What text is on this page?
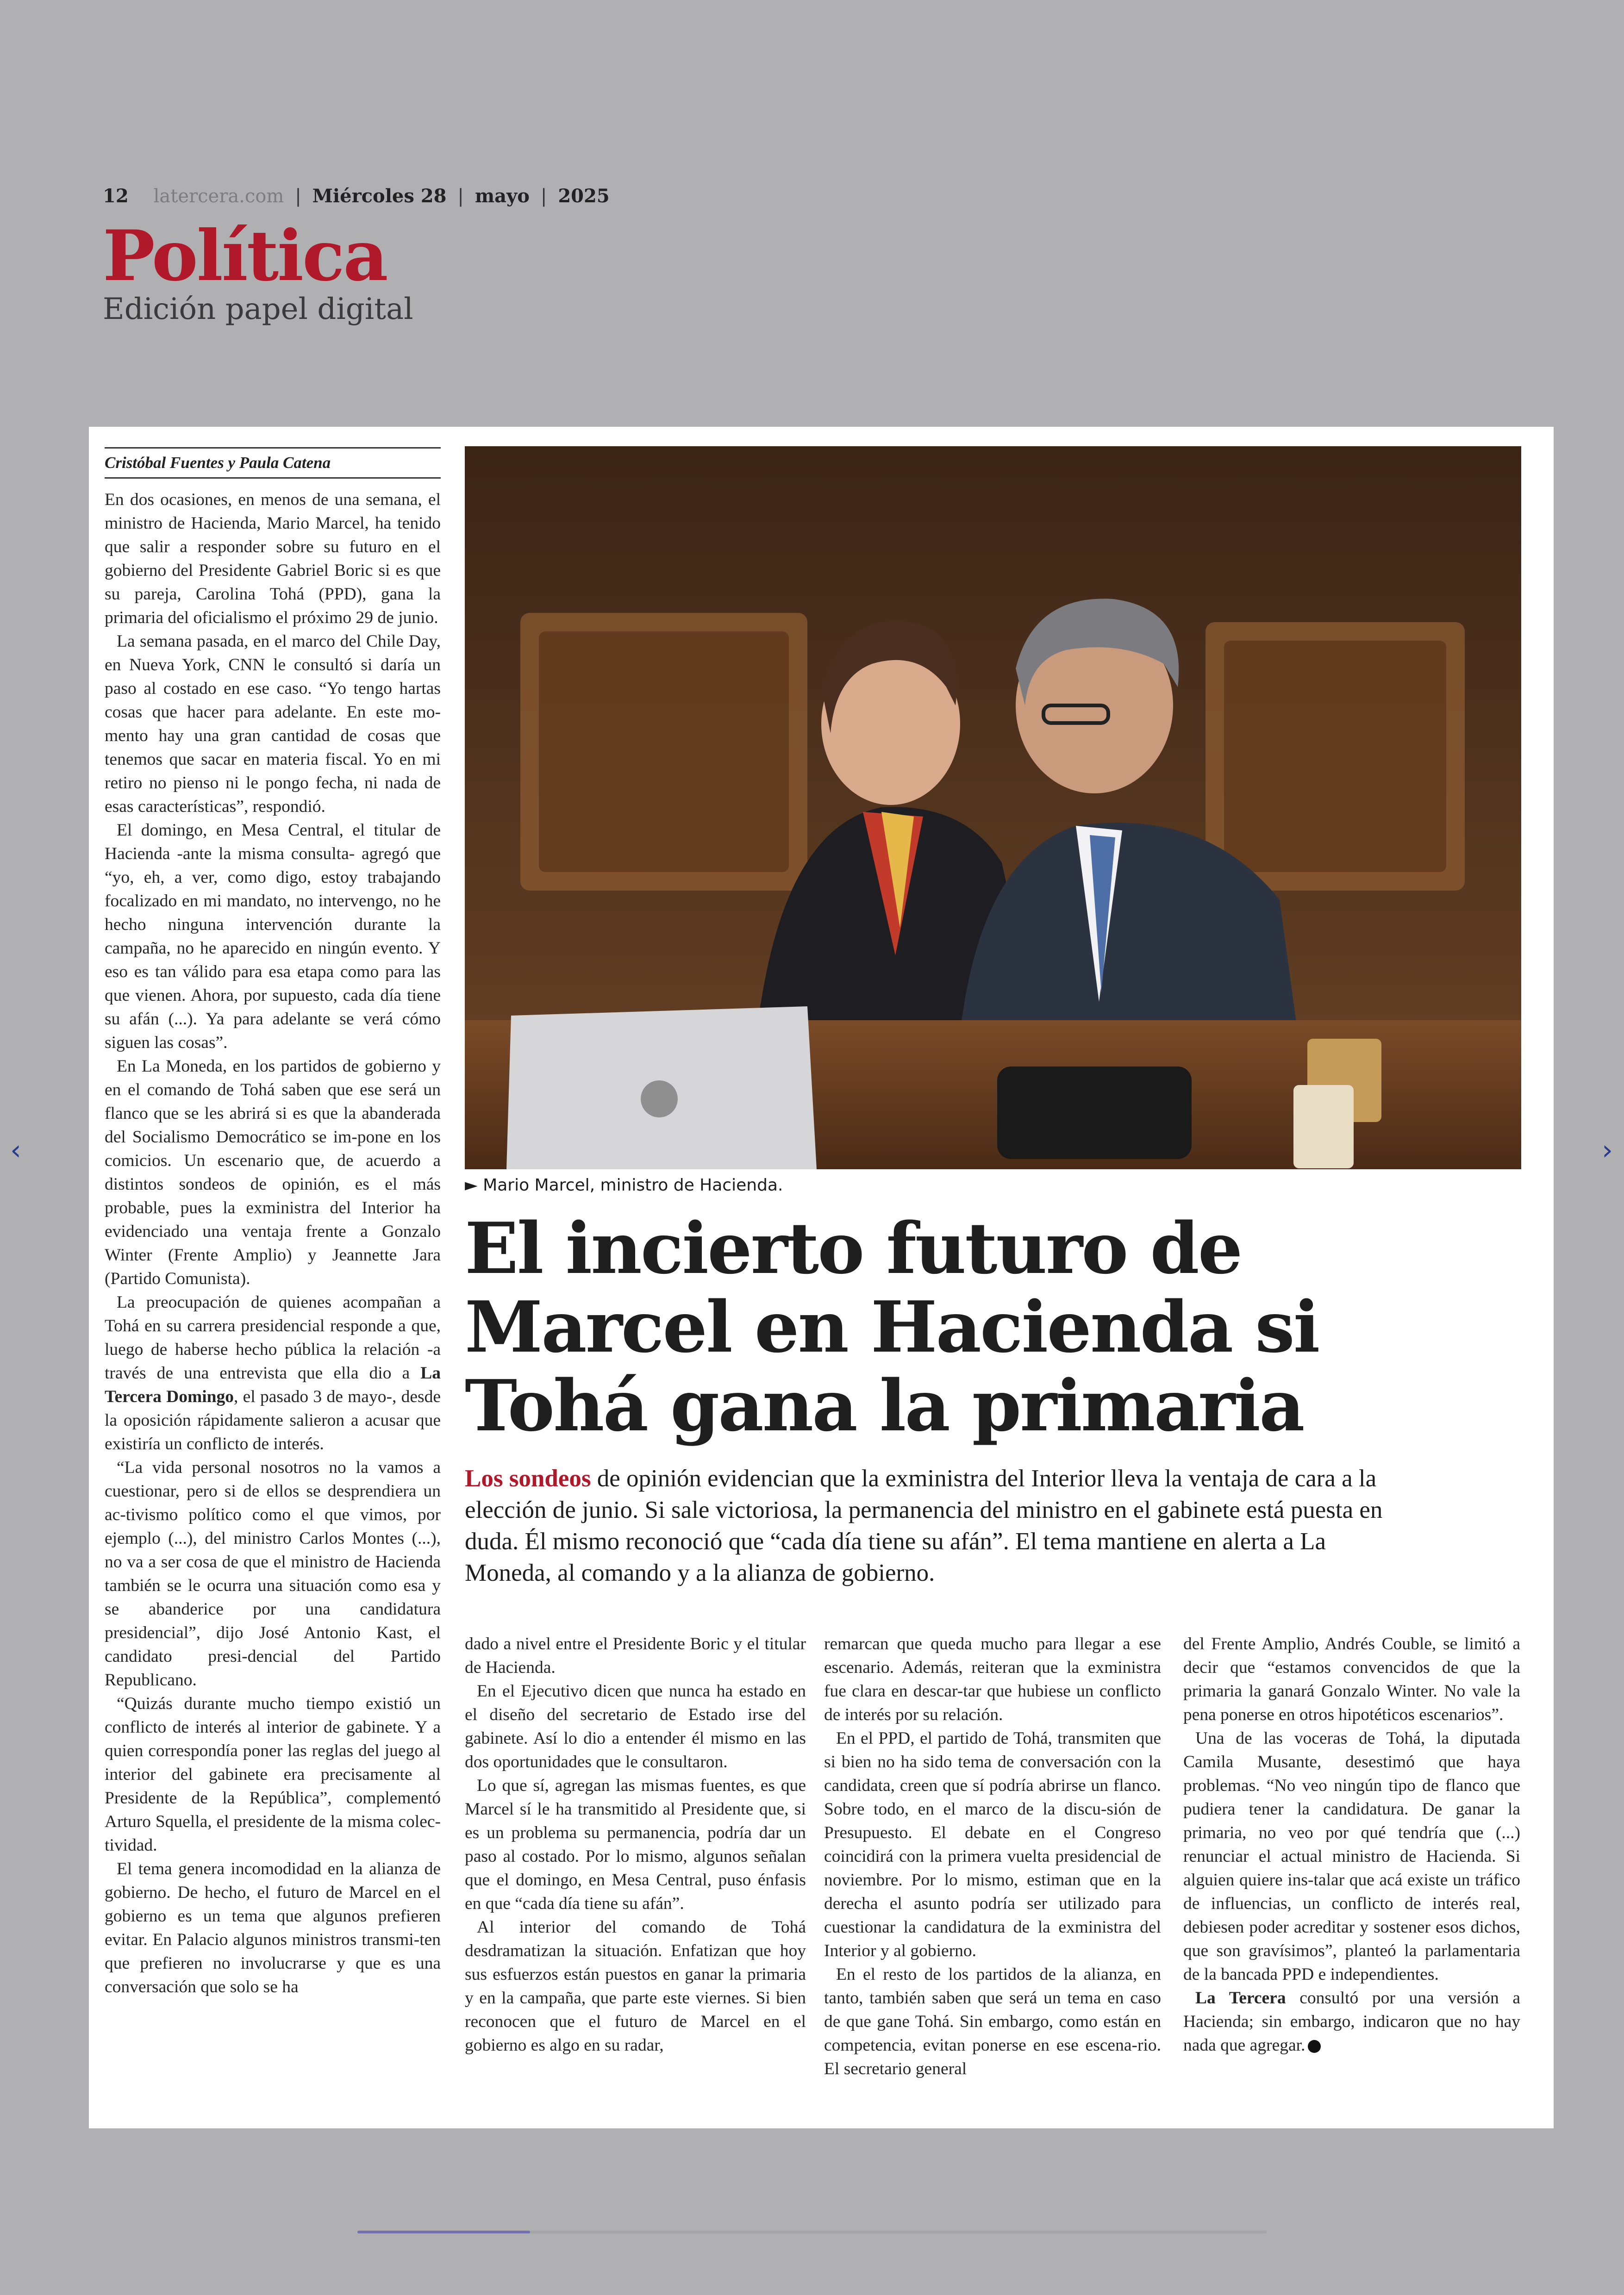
12 latercera.com | Miércoles 28 | mayo | 2025
Política
Edición papel digital
Cristóbal Fuentes y Paula Catena

En dos ocasiones, en menos de una semana, el ministro de Hacienda, Mario Marcel, ha tenido que salir a responder sobre su futuro en el gobierno del Presidente Gabriel Boric si es que su pareja, Carolina Tohá (PPD), gana la primaria del oficialismo el próximo 29 de junio.

La semana pasada, en el marco del Chile Day, en Nueva York, CNN le consultó si daría un paso al costado en ese caso. “Yo tengo hartas cosas que hacer para adelante. En este mo-mento hay una gran cantidad de cosas que tenemos que sacar en materia fiscal. Yo en mi retiro no pienso ni le pongo fecha, ni nada de esas características”, respondió.

El domingo, en Mesa Central, el titular de Hacienda -ante la misma consulta- agregó que “yo, eh, a ver, como digo, estoy trabajando focalizado en mi mandato, no intervengo, no he hecho ninguna intervención durante la campaña, no he aparecido en ningún evento. Y eso es tan válido para esa etapa como para las que vienen. Ahora, por supuesto, cada día tiene su afán (...). Ya para adelante se verá cómo siguen las cosas”.

En La Moneda, en los partidos de gobierno y en el comando de Tohá saben que ese será un flanco que se les abrirá si es que la abanderada del Socialismo Democrático se im-pone en los comicios. Un escenario que, de acuerdo a distintos sondeos de opinión, es el más probable, pues la exministra del Interior ha evidenciado una ventaja frente a Gonzalo Winter (Frente Amplio) y Jeannette Jara (Partido Comunista).

La preocupación de quienes acompañan a Tohá en su carrera presidencial responde a que, luego de haberse hecho pública la relación -a través de una entrevista que ella dio a La Tercera Domingo, el pasado 3 de mayo-, desde la oposición rápidamente salieron a acusar que existiría un conflicto de interés.

“La vida personal nosotros no la vamos a cuestionar, pero si de ellos se desprendiera un ac-tivismo político como el que vimos, por ejemplo (...), del ministro Carlos Montes (...), no va a ser cosa de que el ministro de Hacienda también se le ocurra una situación como esa y se abanderice por una candidatura presidencial”, dijo José Antonio Kast, el candidato presi-dencial del Partido Republicano.

“Quizás durante mucho tiempo existió un conflicto de interés al interior de gabinete. Y a quien correspondía poner las reglas del juego al interior del gabinete era precisamente al Presidente de la República”, complementó Arturo Squella, el presidente de la misma colec-tividad.

El tema genera incomodidad en la alianza de gobierno. De hecho, el futuro de Marcel en el gobierno es un tema que algunos prefieren evitar. En Palacio algunos ministros transmi-ten que prefieren no involucrarse y que es una conversación que solo se ha

► Mario Marcel, ministro de Hacienda.
El incierto futuro de Marcel en Hacienda si Tohá gana la primaria
Los sondeos de opinión evidencian que la exministra del Interior lleva la ventaja de cara a la elección de junio. Si sale victoriosa, la permanencia del ministro en el gabinete está puesta en duda. Él mismo reconoció que “cada día tiene su afán”. El tema mantiene en alerta a La Moneda, al comando y a la alianza de gobierno.

dado a nivel entre el Presidente Boric y el titular de Hacienda.

En el Ejecutivo dicen que nunca ha estado en el diseño del secretario de Estado irse del gabinete. Así lo dio a entender él mismo en las dos oportunidades que le consultaron.

Lo que sí, agregan las mismas fuentes, es que Marcel sí le ha transmitido al Presidente que, si es un problema su permanencia, podría dar un paso al costado. Por lo mismo, algunos señalan que el domingo, en Mesa Central, puso énfasis en que “cada día tiene su afán”.

Al interior del comando de Tohá desdramatizan la situación. Enfatizan que hoy sus esfuerzos están puestos en ganar la primaria y en la campaña, que parte este viernes. Si bien reconocen que el futuro de Marcel en el gobierno es algo en su radar,

remarcan que queda mucho para llegar a ese escenario. Además, reiteran que la exministra fue clara en descar-tar que hubiese un conflicto de interés por su relación.

En el PPD, el partido de Tohá, transmiten que si bien no ha sido tema de conversación con la candidata, creen que sí podría abrirse un flanco. Sobre todo, en el marco de la discu-sión de Presupuesto. El debate en el Congreso coincidirá con la primera vuelta presidencial de noviembre. Por lo mismo, estiman que en la derecha el asunto podría ser utilizado para cuestionar la candidatura de la exministra del Interior y al gobierno.

En el resto de los partidos de la alianza, en tanto, también saben que será un tema en caso de que gane Tohá. Sin embargo, como están en competencia, evitan ponerse en ese escena-rio. El secretario general

del Frente Amplio, Andrés Couble, se limitó a decir que “estamos convencidos de que la primaria la ganará Gonzalo Winter. No vale la pena ponerse en otros hipotéticos escenarios”.

Una de las voceras de Tohá, la diputada Camila Musante, desestimó que haya problemas. “No veo ningún tipo de flanco que pudiera tener la candidatura. De ganar la primaria, no veo por qué tendría que (...) renunciar el actual ministro de Hacienda. Si alguien quiere ins-talar que acá existe un tráfico de influencias, un conflicto de interés real, debiesen poder acreditar y sostener esos dichos, que son gravísimos”, planteó la parlamentaria de la bancada PPD e independientes.

La Tercera consultó por una versión a Hacienda; sin embargo, indicaron que no hay nada que agregar.

‹	›
